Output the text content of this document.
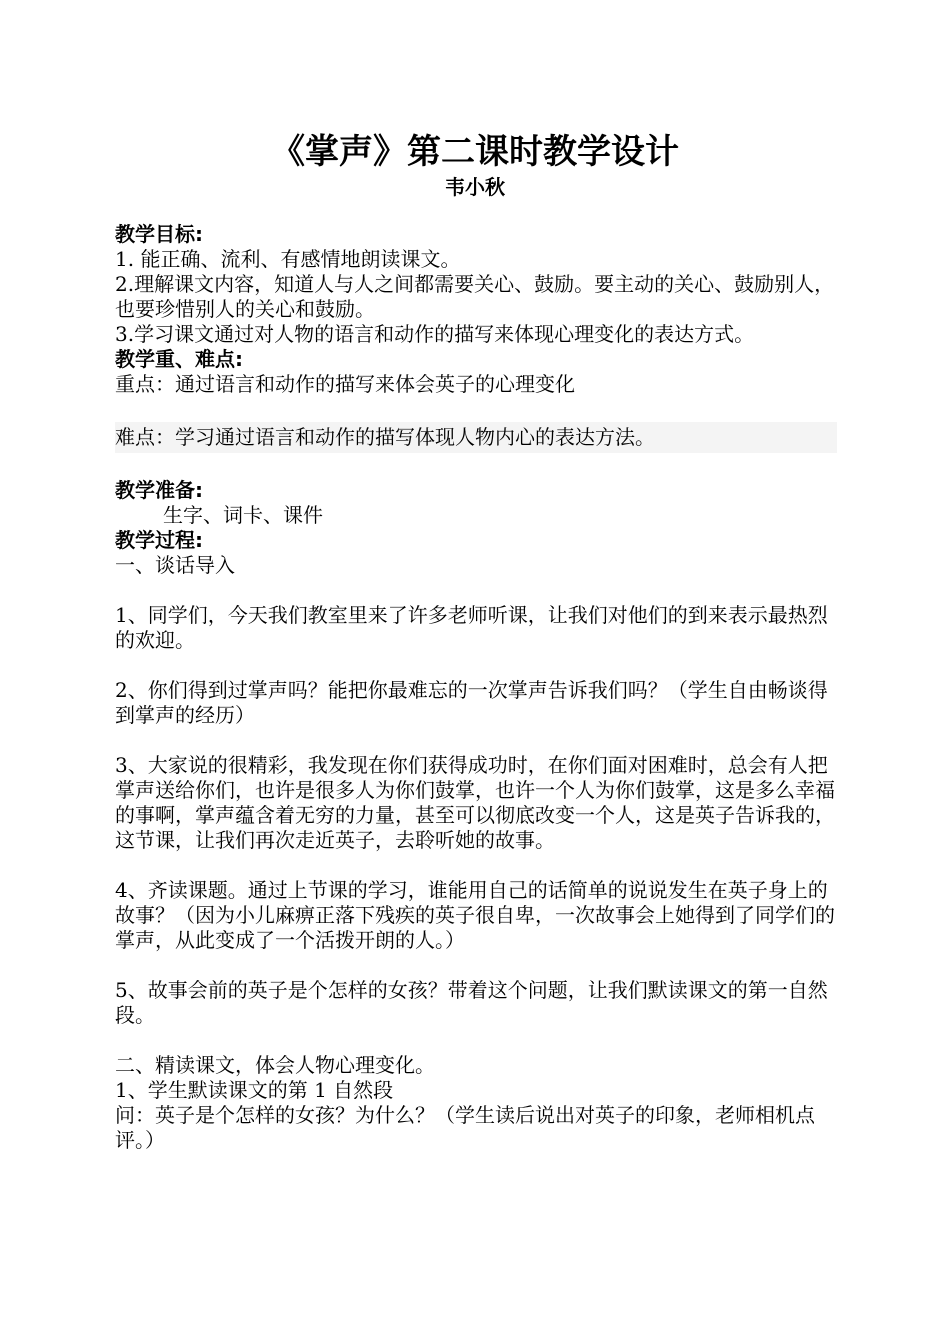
《掌声》第二课时教学设计
韦小秋

教学目标:

1. 能正确、流利、有感情地朗读课文。

2.理解课文内容，知道人与人之间都需要关心、鼓励。要主动的关心、鼓励别人，也要珍惜别人的关心和鼓励。

3.学习课文通过对人物的语言和动作的描写来体现心理变化的表达方式。

教学重、难点:

重点：通过语言和动作的描写来体会英子的心理变化

难点：学习通过语言和动作的描写体现人物内心的表达方法。

教学准备:

生字、词卡、课件

教学过程:

一、谈话导入

1、同学们，今天我们教室里来了许多老师听课，让我们对他们的到来表示最热烈的欢迎。

2、你们得到过掌声吗？能把你最难忘的一次掌声告诉我们吗？（学生自由畅谈得到掌声的经历）

3、大家说的很精彩，我发现在你们获得成功时，在你们面对困难时，总会有人把掌声送给你们，也许是很多人为你们鼓掌，也许一个人为你们鼓掌，这是多么幸福的事啊，掌声蕴含着无穷的力量，甚至可以彻底改变一个人，这是英子告诉我的，这节课，让我们再次走近英子，去聆听她的故事。

4、齐读课题。通过上节课的学习，谁能用自己的话简单的说说发生在英子身上的故事？（因为小儿麻痹正落下残疾的英子很自卑，一次故事会上她得到了同学们的掌声，从此变成了一个活拨开朗的人。）

5、故事会前的英子是个怎样的女孩？带着这个问题，让我们默读课文的第一自然段。

二、精读课文，体会人物心理变化。

1、学生默读课文的第 1 自然段

问：英子是个怎样的女孩？为什么？（学生读后说出对英子的印象，老师相机点评。）
